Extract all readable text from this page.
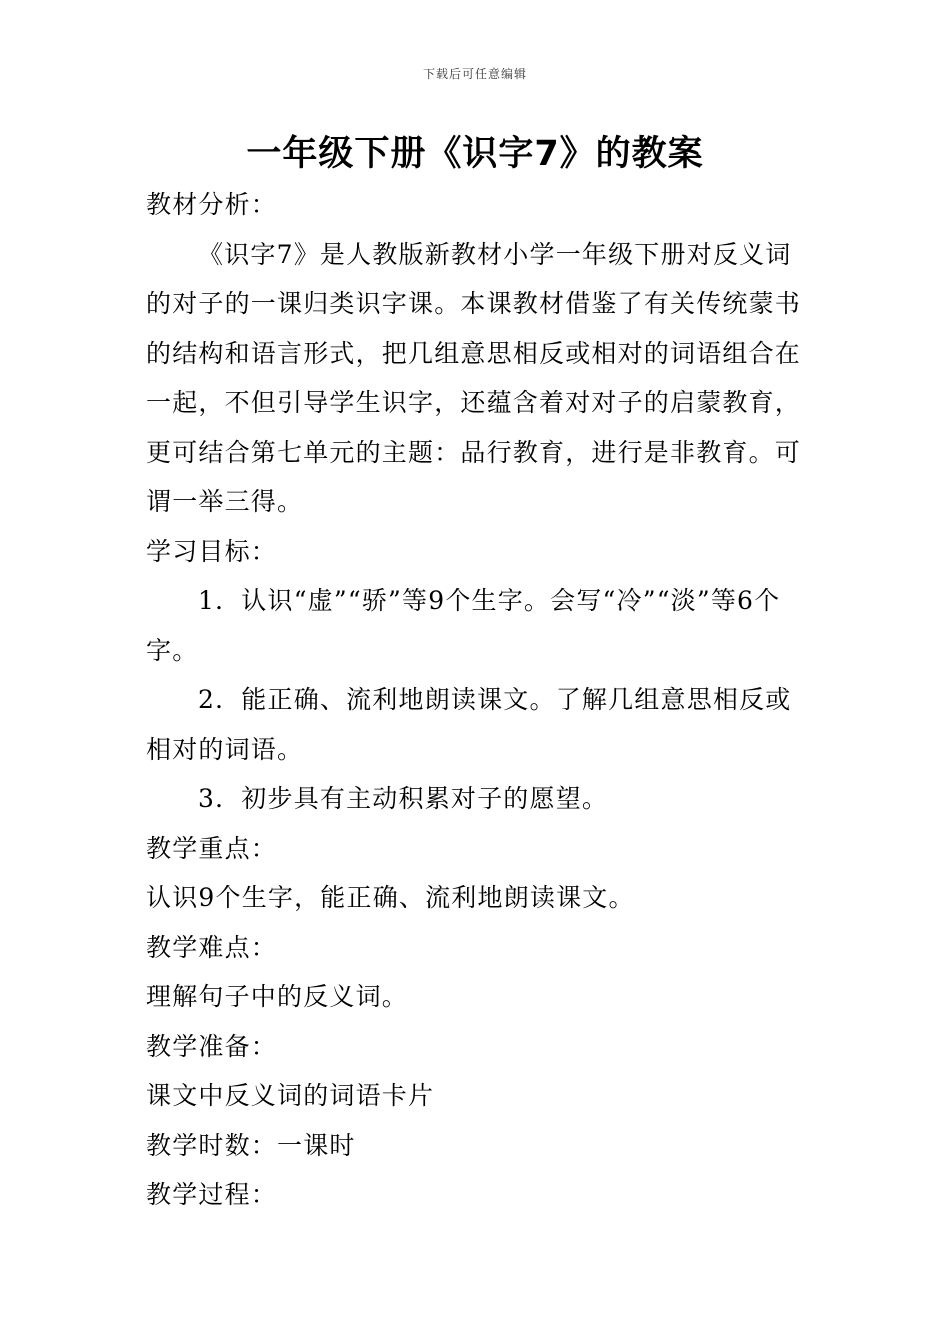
下载后可任意编辑
一年级下册《识字7》的教案

教材分析：

《识字7》是人教版新教材小学一年级下册对反义词的对子的一课归类识字课。本课教材借鉴了有关传统蒙书的结构和语言形式，把几组意思相反或相对的词语组合在一起，不但引导学生识字，还蕴含着对对子的启蒙教育，更可结合第七单元的主题：品行教育，进行是非教育。可谓一举三得。

学习目标：

1．认识“虚”“骄”等9个生字。会写“冷”“淡”等6个字。

2．能正确、流利地朗读课文。了解几组意思相反或相对的词语。

3．初步具有主动积累对子的愿望。

教学重点：

认识9个生字，能正确、流利地朗读课文。

教学难点：

理解句子中的反义词。

教学准备：

课文中反义词的词语卡片

教学时数：一课时

教学过程：
